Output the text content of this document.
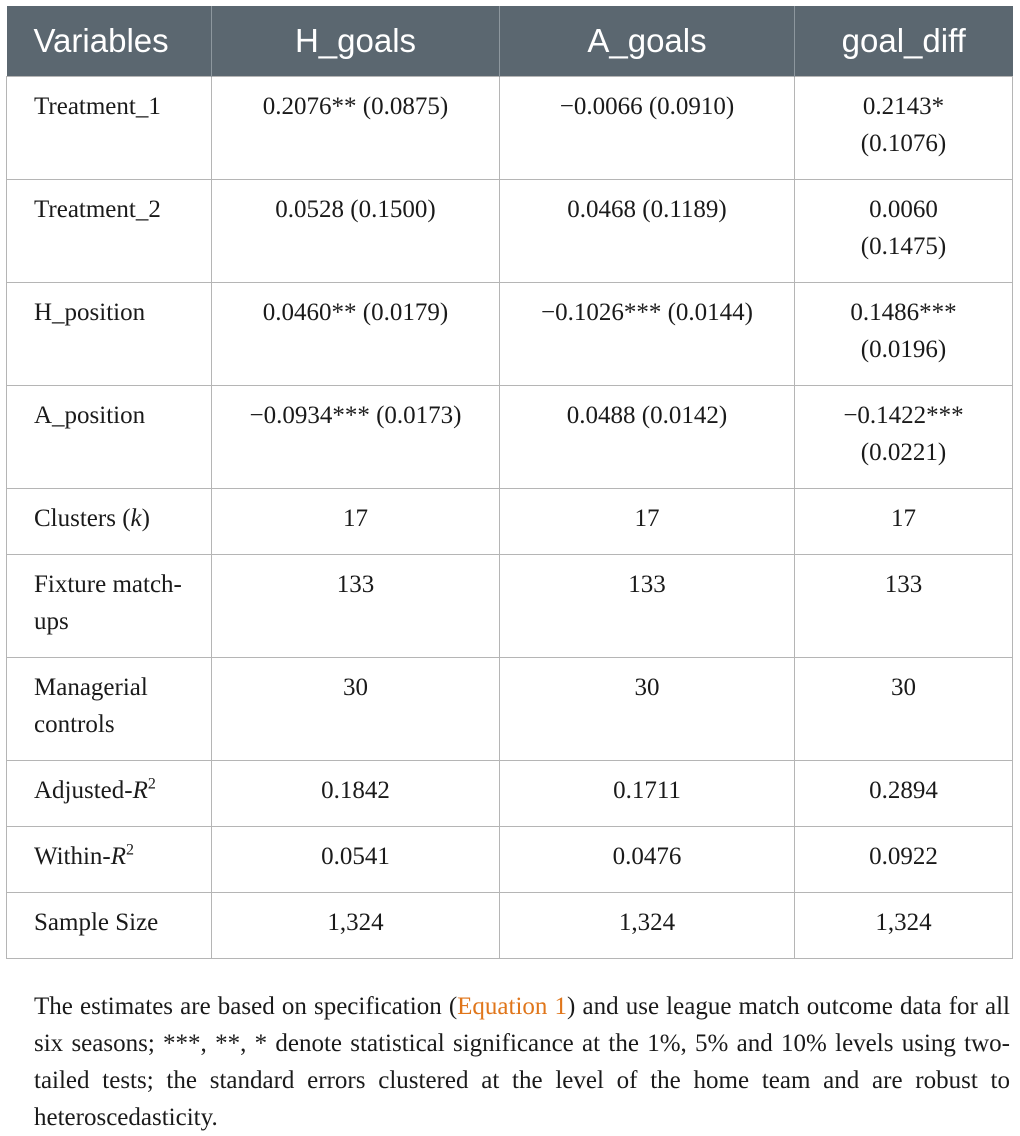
Variables	H_goals	A_goals	goal_diff
Treatment_1	0.2076** (0.0875)	−0.0066 (0.0910)	0.2143* (0.1076)
Treatment_2	0.0528 (0.1500)	0.0468 (0.1189)	0.0060 (0.1475)
H_position	0.0460** (0.0179)	−0.1026*** (0.0144)	0.1486*** (0.0196)
A_position	−0.0934*** (0.0173)	0.0488 (0.0142)	−0.1422*** (0.0221)
Clusters (k)	17	17	17
Fixture match-ups	133	133	133
Managerial controls	30	30	30
Adjusted-$R^2$	0.1842	0.1711	0.2894
Within-$R^2$	0.0541	0.0476	0.0922
Sample Size	1,324	1,324	1,324

The estimates are based on specification (Equation 1) and use league match outcome data for all six seasons; ***, **, * denote statistical significance at the 1%, 5% and 10% levels using two-tailed tests; the standard errors clustered at the level of the home team and are robust to heteroscedasticity.
